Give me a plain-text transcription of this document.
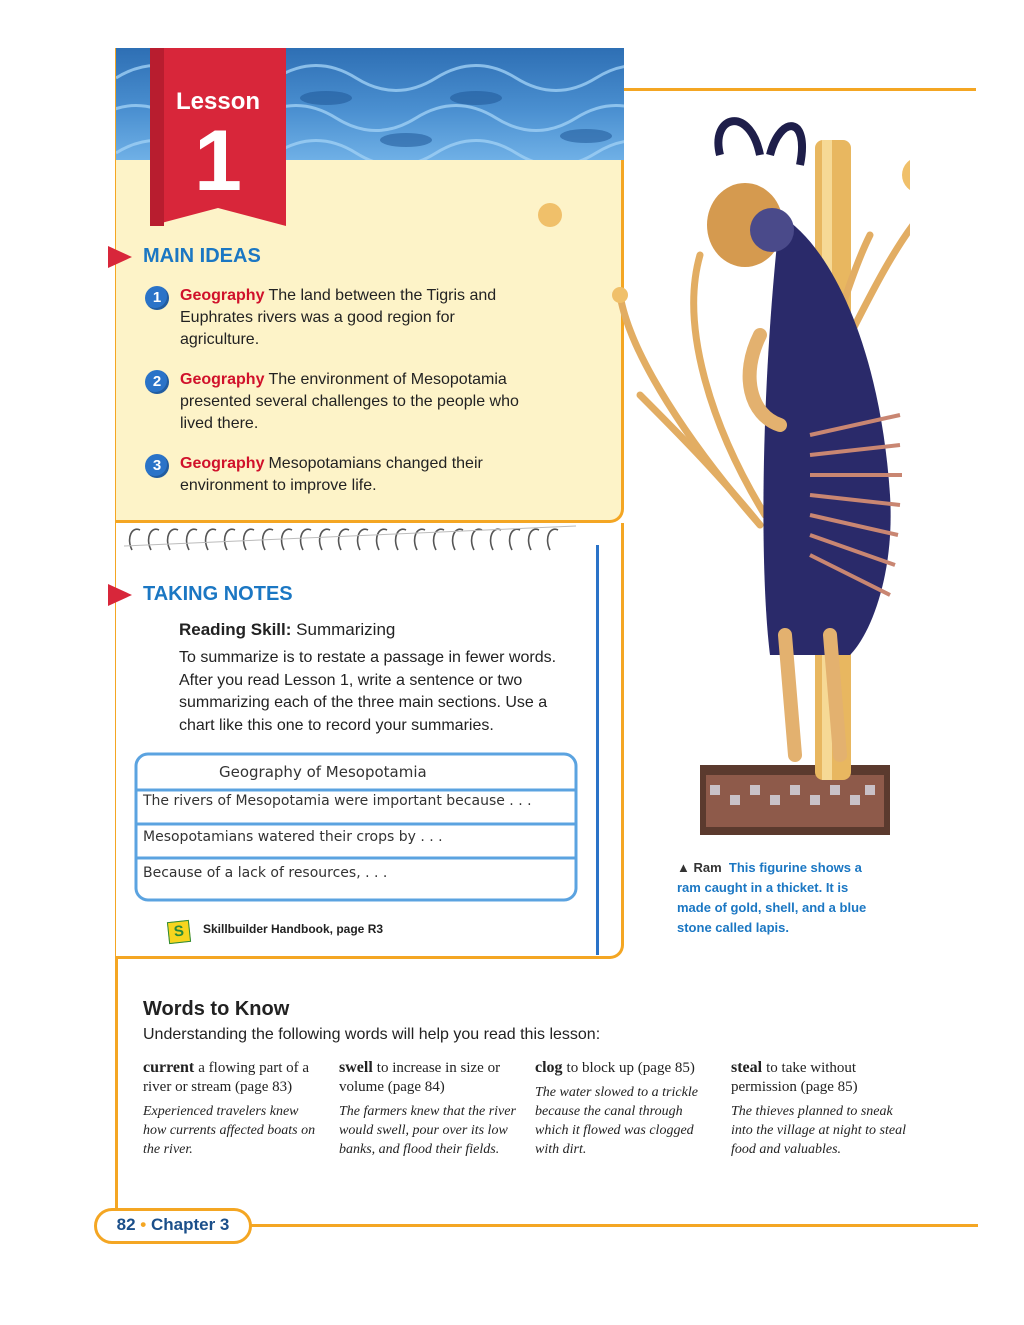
Lesson
1
MAIN IDEAS
1	Geography The land between the Tigris and Euphrates rivers was a good region for agriculture.
2	Geography The environment of Mesopotamia presented several challenges to the people who lived there.
3	Geography Mesopotamians changed their environment to improve life.
TAKING NOTES
Reading Skill: Summarizing
To summarize is to restate a passage in fewer words. After you read Lesson 1, write a sentence or two summarizing each of the three main sections. Use a chart like this one to record your summaries.
Geography of Mesopotamia
The rivers of Mesopotamia were important because . . .
Mesopotamians watered their crops by . . .
Because of a lack of resources, . . .
S	Skillbuilder Handbook, page R3
▲ Ram This figurine shows a ram caught in a thicket. It is made of gold, shell, and a blue stone called lapis.
Words to Know
Understanding the following words will help you read this lesson:
current a flowing part of a river or stream (page 83)
Experienced travelers knew how currents affected boats on the river.
swell to increase in size or volume (page 84)
The farmers knew that the river would swell, pour over its low banks, and flood their fields.
clog to block up (page 85)
The water slowed to a trickle because the canal through which it flowed was clogged with dirt.
steal to take without permission (page 85)
The thieves planned to sneak into the village at night to steal food and valuables.
82 • Chapter 3
